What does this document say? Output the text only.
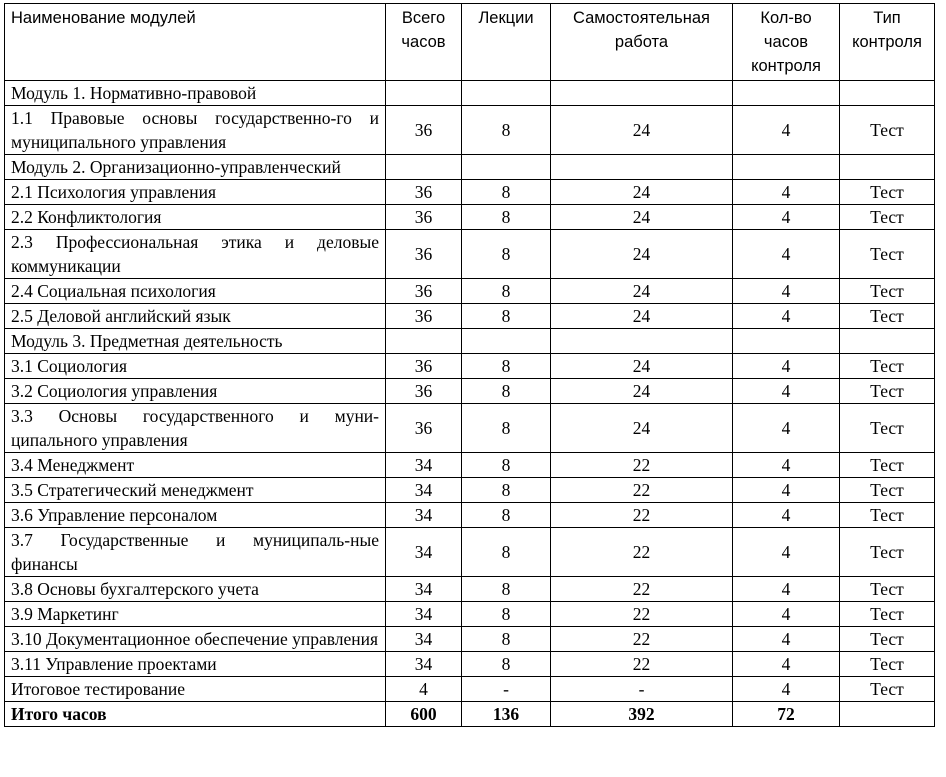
Наименование модулей	Всего часов	Лекции	Самостоятельная работа	Кол-во часов контроля	Тип контроля
Модуль 1. Нормативно-правовой					
1.1 Правовые основы государственно-го и муниципального управления	36	8	24	4	Тест
Модуль 2. Организационно-управленческий					
2.1 Психология управления	36	8	24	4	Тест
2.2 Конфликтология	36	8	24	4	Тест
2.3 Профессиональная этика и деловые коммуникации	36	8	24	4	Тест
2.4 Социальная психология	36	8	24	4	Тест
2.5 Деловой английский язык	36	8	24	4	Тест
Модуль 3. Предметная деятельность					
3.1 Социология	36	8	24	4	Тест
3.2 Социология управления	36	8	24	4	Тест
3.3 Основы государственного и муни-ципального управления	36	8	24	4	Тест
3.4 Менеджмент	34	8	22	4	Тест
3.5 Стратегический менеджмент	34	8	22	4	Тест
3.6 Управление персоналом	34	8	22	4	Тест
3.7 Государственные и муниципаль-ные финансы	34	8	22	4	Тест
3.8 Основы бухгалтерского учета	34	8	22	4	Тест
3.9 Маркетинг	34	8	22	4	Тест
3.10 Документационное обеспечение управления	34	8	22	4	Тест
3.11 Управление проектами	34	8	22	4	Тест
Итоговое тестирование	4	-	-	4	Тест
Итого часов	600	136	392	72	
